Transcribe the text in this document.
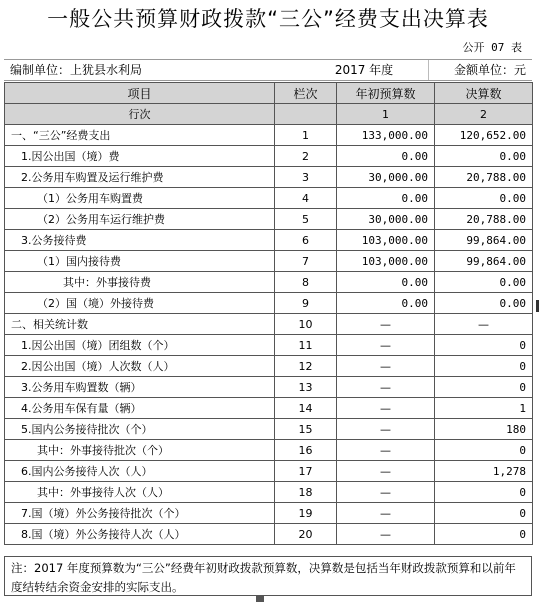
一般公共预算财政拨款“三公”经费支出决算表
公开 07 表
编制单位：上犹县水利局	2017 年度	金额单位：元
项目	栏次	年初预算数	决算数
行次		1	2
一、“三公”经费支出	1	133,000.00	120,652.00
1.因公出国（境）费	2	0.00	0.00
2.公务用车购置及运行维护费	3	30,000.00	20,788.00
（1）公务用车购置费	4	0.00	0.00
（2）公务用车运行维护费	5	30,000.00	20,788.00
3.公务接待费	6	103,000.00	99,864.00
（1）国内接待费	7	103,000.00	99,864.00
其中：外事接待费	8	0.00	0.00
（2）国（境）外接待费	9	0.00	0.00
二、相关统计数	10	—	—
1.因公出国（境）团组数（个）	11	—	0
2.因公出国（境）人次数（人）	12	—	0
3.公务用车购置数（辆）	13	—	0
4.公务用车保有量（辆）	14	—	1
5.国内公务接待批次（个）	15	—	180
其中：外事接待批次（个）	16	—	0
6.国内公务接待人次（人）	17	—	1,278
其中：外事接待人次（人）	18	—	0
7.国（境）外公务接待批次（个）	19	—	0
8.国（境）外公务接待人次（人）	20	—	0
注：2017 年度预算数为“三公”经费年初财政拨款预算数，决算数是包括当年财政拨款预算和以前年度结转结余资金安排的实际支出。
